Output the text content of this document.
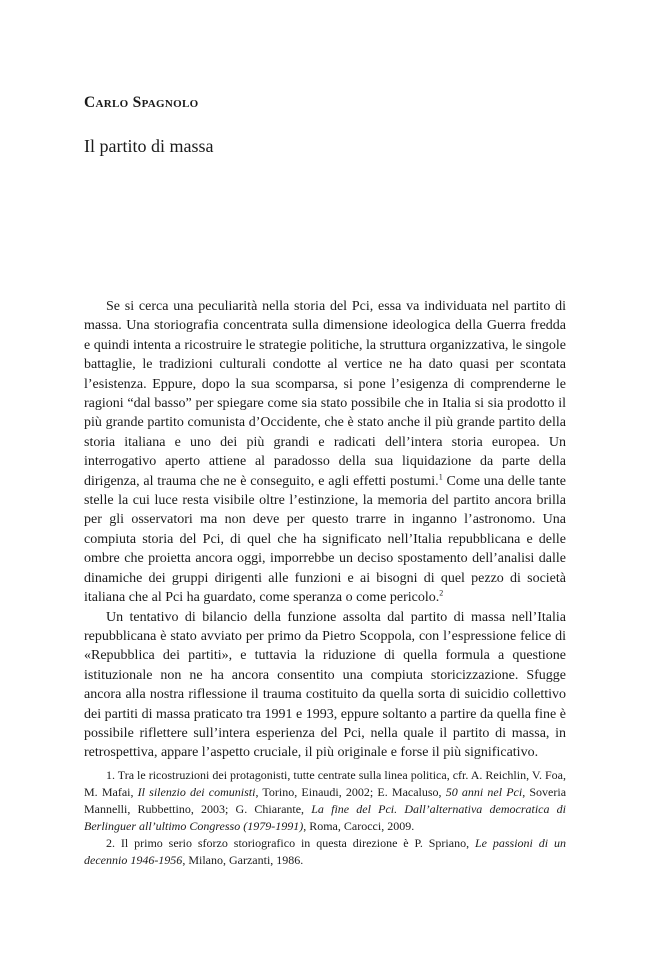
Carlo Spagnolo
Il partito di massa

Se si cerca una peculiarità nella storia del Pci, essa va individuata nel partito di massa. Una storiografia concentrata sulla dimensione ideologica della Guerra fredda e quindi intenta a ricostruire le strategie politiche, la struttura organizzativa, le singole battaglie, le tradizioni culturali condotte al vertice ne ha dato quasi per scontata l’esistenza. Eppure, dopo la sua scomparsa, si pone l’esigenza di comprenderne le ragioni “dal basso” per spiegare come sia stato possibile che in Italia si sia prodotto il più grande partito comunista d’Occidente, che è stato anche il più grande partito della storia italiana e uno dei più grandi e radicati dell’intera storia europea. Un interrogativo aperto attiene al paradosso della sua liquidazione da parte della dirigenza, al trauma che ne è conseguito, e agli effetti postumi.$^1$ Come una delle tante stelle la cui luce resta visibile oltre l’estinzione, la memoria del partito ancora brilla per gli osservatori ma non deve per questo trarre in inganno l’astronomo. Una compiuta storia del Pci, di quel che ha significato nell’Italia repubblicana e delle ombre che proietta ancora oggi, imporrebbe un deciso spostamento dell’analisi dalle dinamiche dei gruppi dirigenti alle funzioni e ai bisogni di quel pezzo di società italiana che al Pci ha guardato, come speranza o come pericolo.$^2$

Un tentativo di bilancio della funzione assolta dal partito di massa nell’Italia repubblicana è stato avviato per primo da Pietro Scoppola, con l’espressione felice di «Repubblica dei partiti», e tuttavia la riduzione di quella formula a questione istituzionale non ne ha ancora consentito una compiuta storicizzazione. Sfugge ancora alla nostra riflessione il trauma costituito da quella sorta di suicidio collettivo dei partiti di massa praticato tra 1991 e 1993, eppure soltanto a partire da quella fine è possibile riflettere sull’intera esperienza del Pci, nella quale il partito di massa, in retrospettiva, appare l’aspetto cruciale, il più originale e forse il più significativo.

1. Tra le ricostruzioni dei protagonisti, tutte centrate sulla linea politica, cfr. A. Reichlin, V. Foa, M. Mafai, Il silenzio dei comunisti, Torino, Einaudi, 2002; E. Macaluso, 50 anni nel Pci, Soveria Mannelli, Rubbettino, 2003; G. Chiarante, La fine del Pci. Dall’alternativa democratica di Berlinguer all’ultimo Congresso (1979-1991), Roma, Carocci, 2009.

2. Il primo serio sforzo storiografico in questa direzione è P. Spriano, Le passioni di un decennio 1946-1956, Milano, Garzanti, 1986.
